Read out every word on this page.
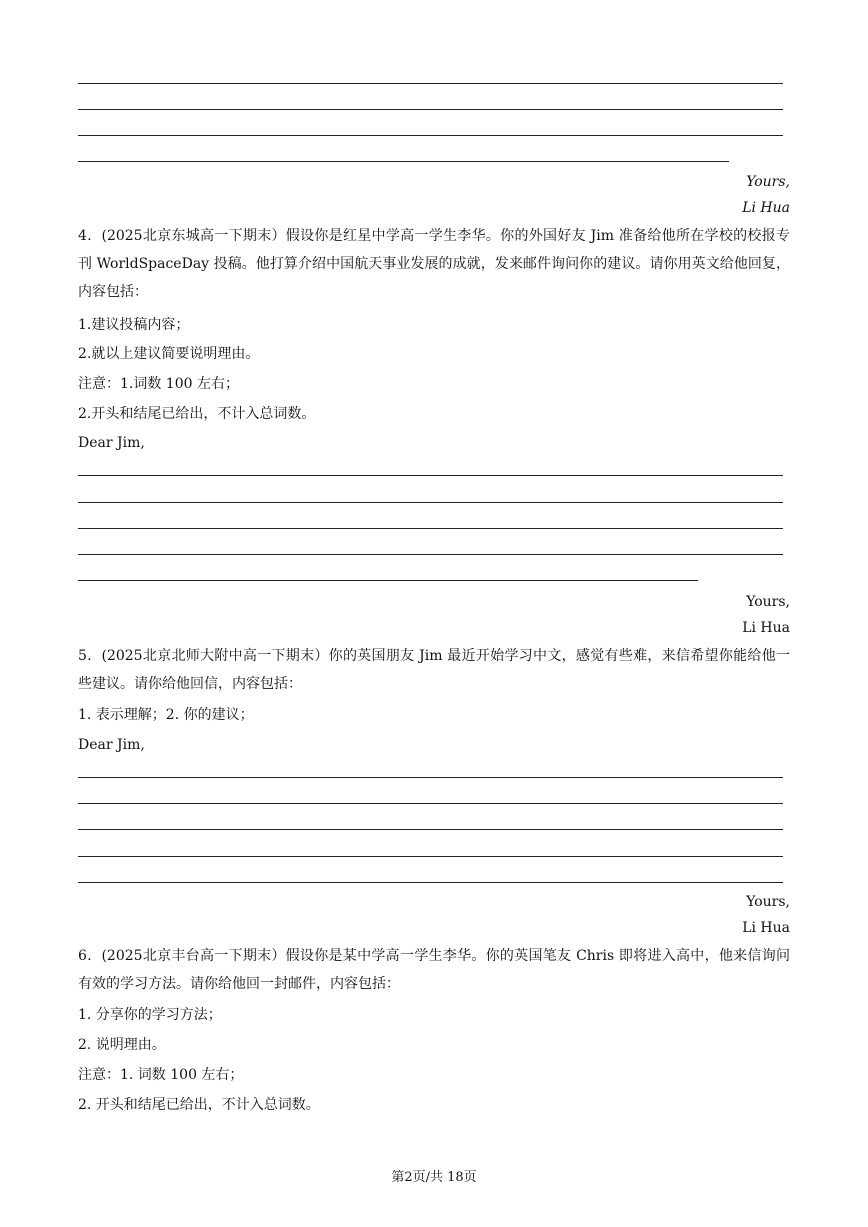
Yours,
Li Hua
4．(2025北京东城高一下期末）假设你是红星中学高一学生李华。你的外国好友 Jim 准备给他所在学校的校报专刊 WorldSpaceDay 投稿。他打算介绍中国航天事业发展的成就，发来邮件询问你的建议。请你用英文给他回复，内容包括：
1.建议投稿内容；
2.就以上建议简要说明理由。
注意：1.词数 100 左右；
2.开头和结尾已给出，不计入总词数。
Dear Jim,
Yours,
Li Hua
5．(2025北京北师大附中高一下期末）你的英国朋友 Jim 最近开始学习中文，感觉有些难，来信希望你能给他一些建议。请你给他回信，内容包括：
1. 表示理解；2. 你的建议；
Dear Jim,
Yours,
Li Hua
6．(2025北京丰台高一下期末）假设你是某中学高一学生李华。你的英国笔友 Chris 即将进入高中，他来信询问有效的学习方法。请你给他回一封邮件，内容包括：
1. 分享你的学习方法；
2. 说明理由。
注意：1. 词数 100 左右；
2. 开头和结尾已给出，不计入总词数。
第2页/共 18页
